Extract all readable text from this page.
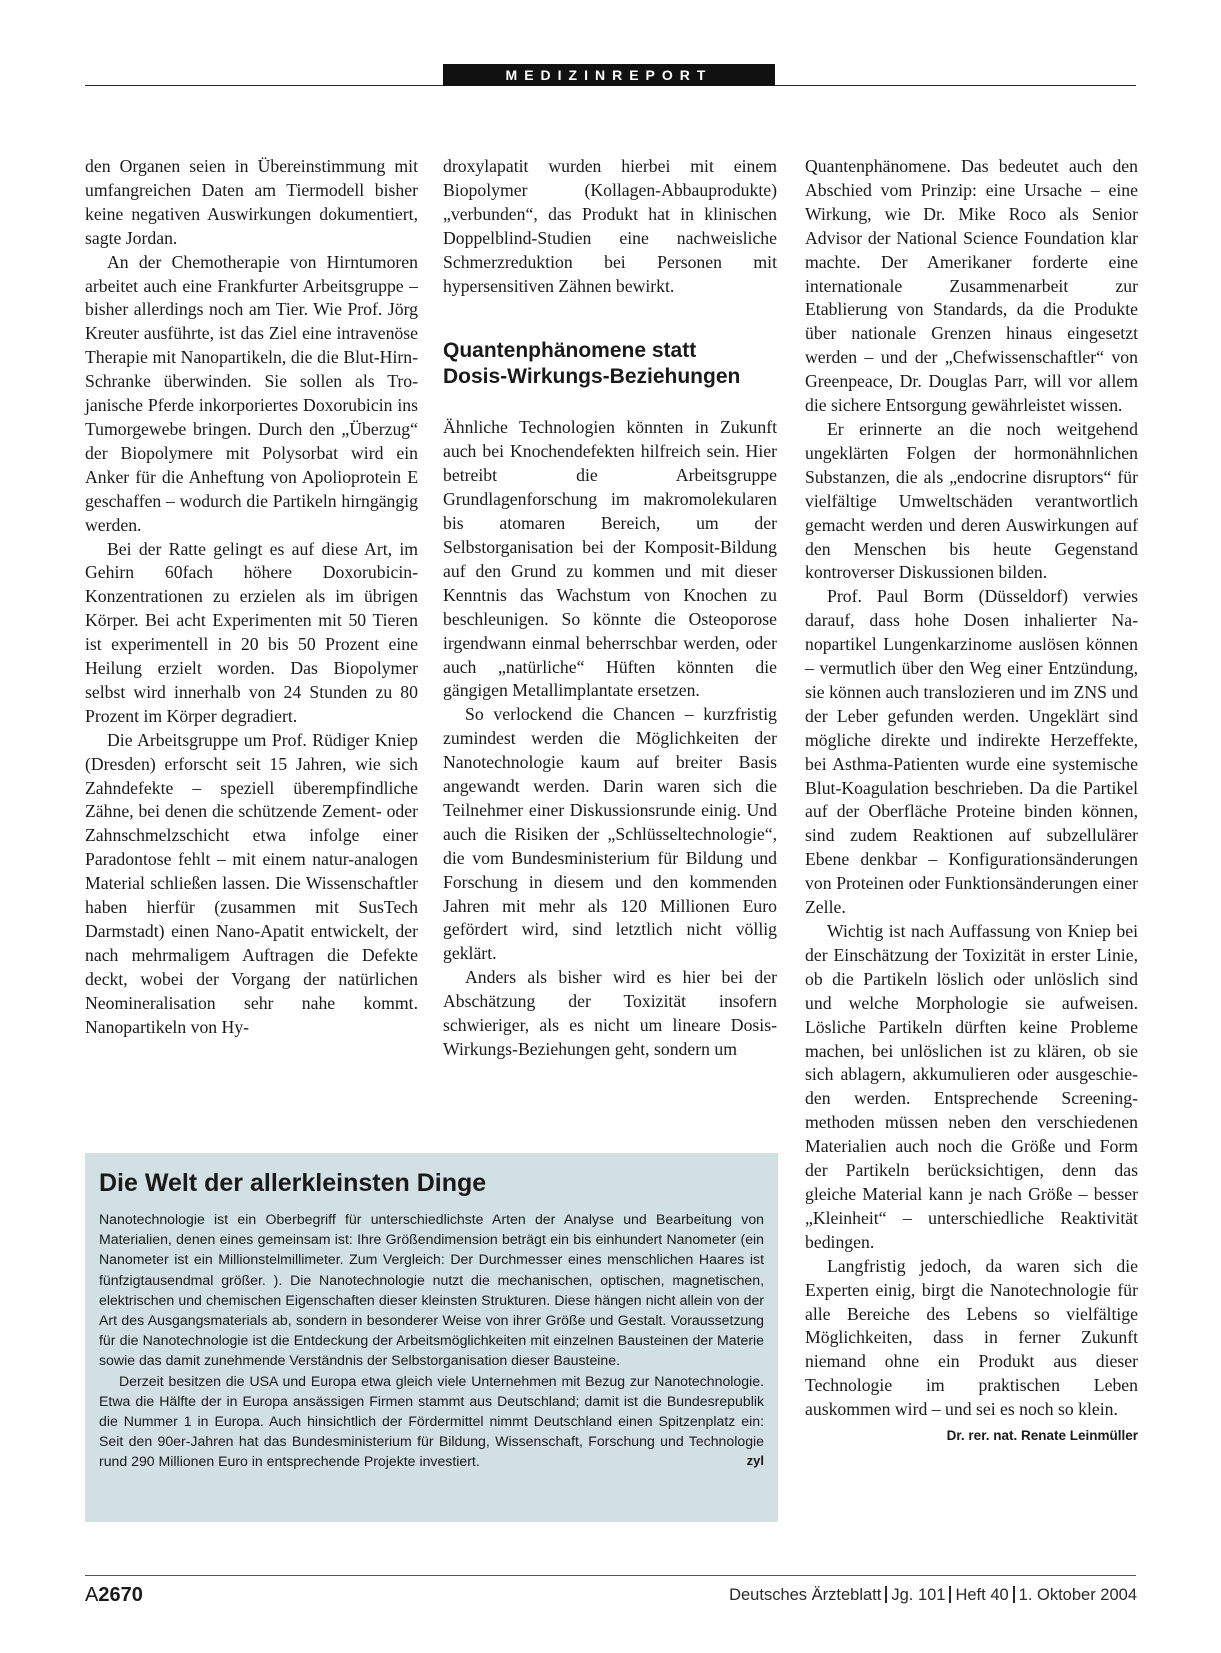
MEDIZINREPORT

den Organen seien in Übereinstimmung mit umfangreichen Daten am Tiermodell bisher keine negativen Auswirkungen dokumentiert, sagte Jordan.

An der Chemotherapie von Hirntumoren arbeitet auch eine Frankfurter Arbeitsgruppe – bisher allerdings noch am Tier. Wie Prof. Jörg Kreuter ausführte, ist das Ziel eine intravenöse Therapie mit Nanopartikeln, die die Blut-Hirn-Schranke überwinden. Sie sollen als Trojanische Pferde inkorporiertes Doxorubicin ins Tumorgewebe bringen. Durch den „Überzug“ der Biopolymere mit Polysorbat wird ein Anker für die Anheftung von Apolioprotein E geschaffen – wodurch die Partikeln hirngängig werden.

Bei der Ratte gelingt es auf diese Art, im Gehirn 60fach höhere Doxorubicin-Konzentrationen zu erzielen als im übrigen Körper. Bei acht Experimenten mit 50 Tieren ist experimentell in 20 bis 50 Prozent eine Heilung erzielt worden. Das Biopolymer selbst wird innerhalb von 24 Stunden zu 80 Prozent im Körper degradiert.

Die Arbeitsgruppe um Prof. Rüdiger Kniep (Dresden) erforscht seit 15 Jahren, wie sich Zahndefekte – speziell überempfindliche Zähne, bei denen die schützende Zement- oder Zahnschmelzschicht etwa infolge einer Paradontose fehlt – mit einem natur-analogen Material schließen lassen. Die Wissenschaftler haben hierfür (zusammen mit SusTech Darmstadt) einen Nano-Apatit entwickelt, der nach mehrmaligem Auftragen die Defekte deckt, wobei der Vorgang der natürlichen Neomineralisation sehr nahe kommt. Nanopartikeln von Hy-

droxylapatit wurden hierbei mit einem Biopolymer (Kollagen-Abbauprodukte) „verbunden“, das Produkt hat in klinischen Doppelblind-Studien eine nachweisliche Schmerzreduktion bei Personen mit hypersensitiven Zähnen bewirkt.

Quantenphänomene statt
Dosis-Wirkungs-Beziehungen

Ähnliche Technologien könnten in Zukunft auch bei Knochendefekten hilfreich sein. Hier betreibt die Arbeitsgruppe Grundlagenforschung im makromolekularen bis atomaren Bereich, um der Selbstorganisation bei der Komposit-Bildung auf den Grund zu kommen und mit dieser Kenntnis das Wachstum von Knochen zu beschleunigen. So könnte die Osteoporose irgendwann einmal beherrschbar werden, oder auch „natürliche“ Hüften könnten die gängigen Metallimplantate ersetzen.

So verlockend die Chancen – kurzfristig zumindest werden die Möglichkeiten der Nanotechnologie kaum auf breiter Basis angewandt werden. Darin waren sich die Teilnehmer einer Diskussionsrunde einig. Und auch die Risiken der „Schlüsseltechnologie“, die vom Bundesministerium für Bildung und Forschung in diesem und den kommenden Jahren mit mehr als 120 Millionen Euro gefördert wird, sind letztlich nicht völlig geklärt.

Anders als bisher wird es hier bei der Abschätzung der Toxizität insofern schwieriger, als es nicht um lineare Dosis-Wirkungs-Beziehungen geht, sondern um

Quantenphänomene. Das bedeutet auch den Abschied vom Prinzip: eine Ursache – eine Wirkung, wie Dr. Mike Roco als Senior Advisor der National Science Foundation klar machte. Der Amerikaner forderte eine internationale Zusammenarbeit zur Etablierung von Standards, da die Produkte über nationale Grenzen hinaus eingesetzt werden – und der „Chefwissenschaftler“ von Greenpeace, Dr. Douglas Parr, will vor allem die sichere Entsorgung gewährleistet wissen.

Er erinnerte an die noch weitgehend ungeklärten Folgen der hormonähnlichen Substanzen, die als „endocrine disruptors“ für vielfältige Umweltschäden verantwortlich gemacht werden und deren Auswirkungen auf den Menschen bis heute Gegenstand kontroverser Diskussionen bilden.

Prof. Paul Borm (Düsseldorf) verwies darauf, dass hohe Dosen inhalierter Nanopartikel Lungenkarzinome auslösen können – vermutlich über den Weg einer Entzündung, sie können auch translozieren und im ZNS und der Leber gefunden werden. Ungeklärt sind mögliche direkte und indirekte Herzeffekte, bei Asthma-Patienten wurde eine systemische Blut-Koagulation beschrieben. Da die Partikel auf der Oberfläche Proteine binden können, sind zudem Reaktionen auf subzellulärer Ebene denkbar – Konfigurationsänderungen von Proteinen oder Funktionsänderungen einer Zelle.

Wichtig ist nach Auffassung von Kniep bei der Einschätzung der Toxizität in erster Linie, ob die Partikeln löslich oder unlöslich sind und welche Morphologie sie aufweisen. Lösliche Partikeln dürften keine Probleme machen, bei unlöslichen ist zu klären, ob sie sich ablagern, akkumulieren oder ausgeschieden werden. Entsprechende Screeningmethoden müssen neben den verschiedenen Materialien auch noch die Größe und Form der Partikeln berücksichtigen, denn das gleiche Material kann je nach Größe – besser „Kleinheit“ – unterschiedliche Reaktivität bedingen.

Langfristig jedoch, da waren sich die Experten einig, birgt die Nanotechnologie für alle Bereiche des Lebens so vielfältige Möglichkeiten, dass in ferner Zukunft niemand ohne ein Produkt aus dieser Technologie im praktischen Leben auskommen wird – und sei es noch so klein.
Dr. rer. nat. Renate Leinmüller

Die Welt der allerkleinsten Dinge

Nanotechnologie ist ein Oberbegriff für unterschiedlichste Arten der Analyse und Bearbeitung von Materialien, denen eines gemeinsam ist: Ihre Größendimension beträgt ein bis einhundert Nanometer (ein Nanometer ist ein Millionstelmillimeter. Zum Vergleich: Der Durchmesser eines menschlichen Haares ist fünfzigtausendmal größer. ). Die Nanotechnologie nutzt die mechanischen, optischen, magnetischen, elektrischen und chemischen Eigenschaften dieser kleinsten Strukturen. Diese hängen nicht allein von der Art des Ausgangsmaterials ab, sondern in besonderer Weise von ihrer Größe und Gestalt. Voraussetzung für die Nanotechnologie ist die Entdeckung der Arbeitsmöglichkeiten mit einzelnen Bausteinen der Materie sowie das damit zunehmende Verständnis der Selbstorganisation dieser Bausteine.

Derzeit besitzen die USA und Europa etwa gleich viele Unternehmen mit Bezug zur Nanotechnologie. Etwa die Hälfte der in Europa ansässigen Firmen stammt aus Deutschland; damit ist die Bundesrepublik die Nummer 1 in Europa. Auch hinsichtlich der Fördermittel nimmt Deutschland einen Spitzenplatz ein: Seit den 90er-Jahren hat das Bundesministerium für Bildung, Wissenschaft, Forschung und Technologie rund 290 Millionen Euro in entsprechende Projekte investiert.	zyl

A2670	Deutsches Ärzteblatt Jg. 101 Heft 40 1. Oktober 2004
